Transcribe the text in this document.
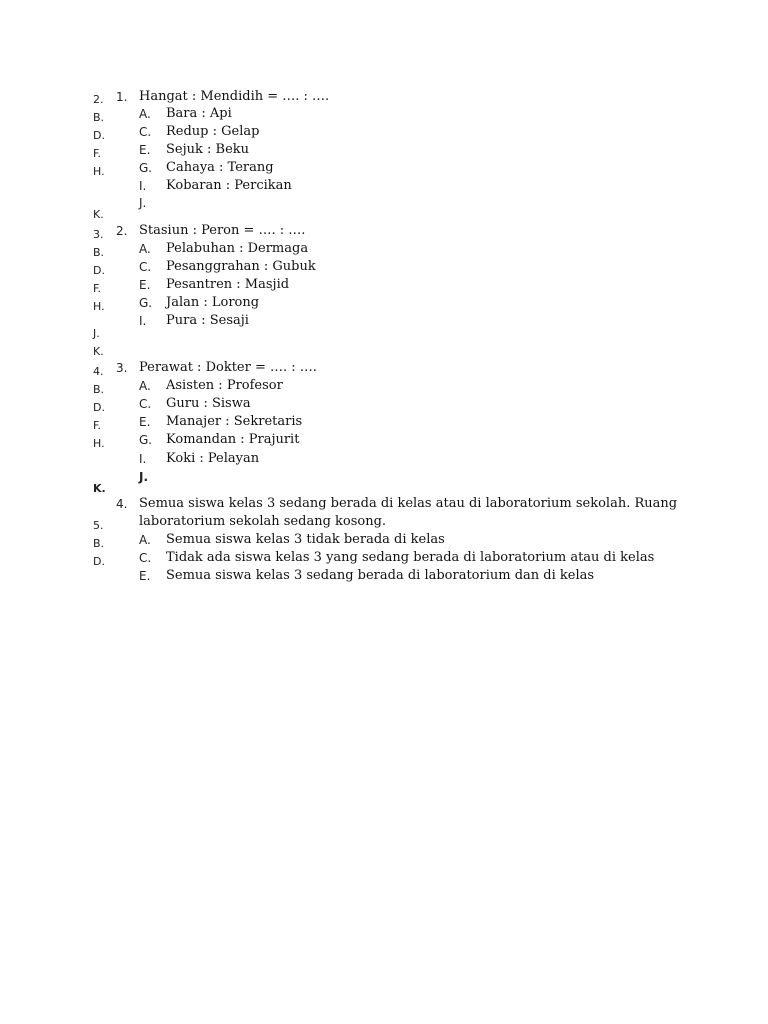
2.
B.
D.
F.
H.
K.
3.
B.
D.
F.
H.
J.
K.
4.
B.
D.
F.
H.
K.
5.
B.
D.
1. Hangat : Mendidih = …. : ….
A. Bara : Api
C. Redup : Gelap
E. Sejuk : Beku
G. Cahaya : Terang
I. Kobaran : Percikan
J.
2. Stasiun : Peron = …. : ….
A. Pelabuhan : Dermaga
C. Pesanggrahan : Gubuk
E. Pesantren : Masjid
G. Jalan : Lorong
I. Pura : Sesaji
3. Perawat : Dokter = …. : ….
A. Asisten : Profesor
C. Guru : Siswa
E. Manajer : Sekretaris
G. Komandan : Prajurit
I. Koki : Pelayan
J.
4. Semua siswa kelas 3 sedang berada di kelas atau di laboratorium sekolah. Ruang
laboratorium sekolah sedang kosong.
A. Semua siswa kelas 3 tidak berada di kelas
C. Tidak ada siswa kelas 3 yang sedang berada di laboratorium atau di kelas
E. Semua siswa kelas 3 sedang berada di laboratorium dan di kelas
